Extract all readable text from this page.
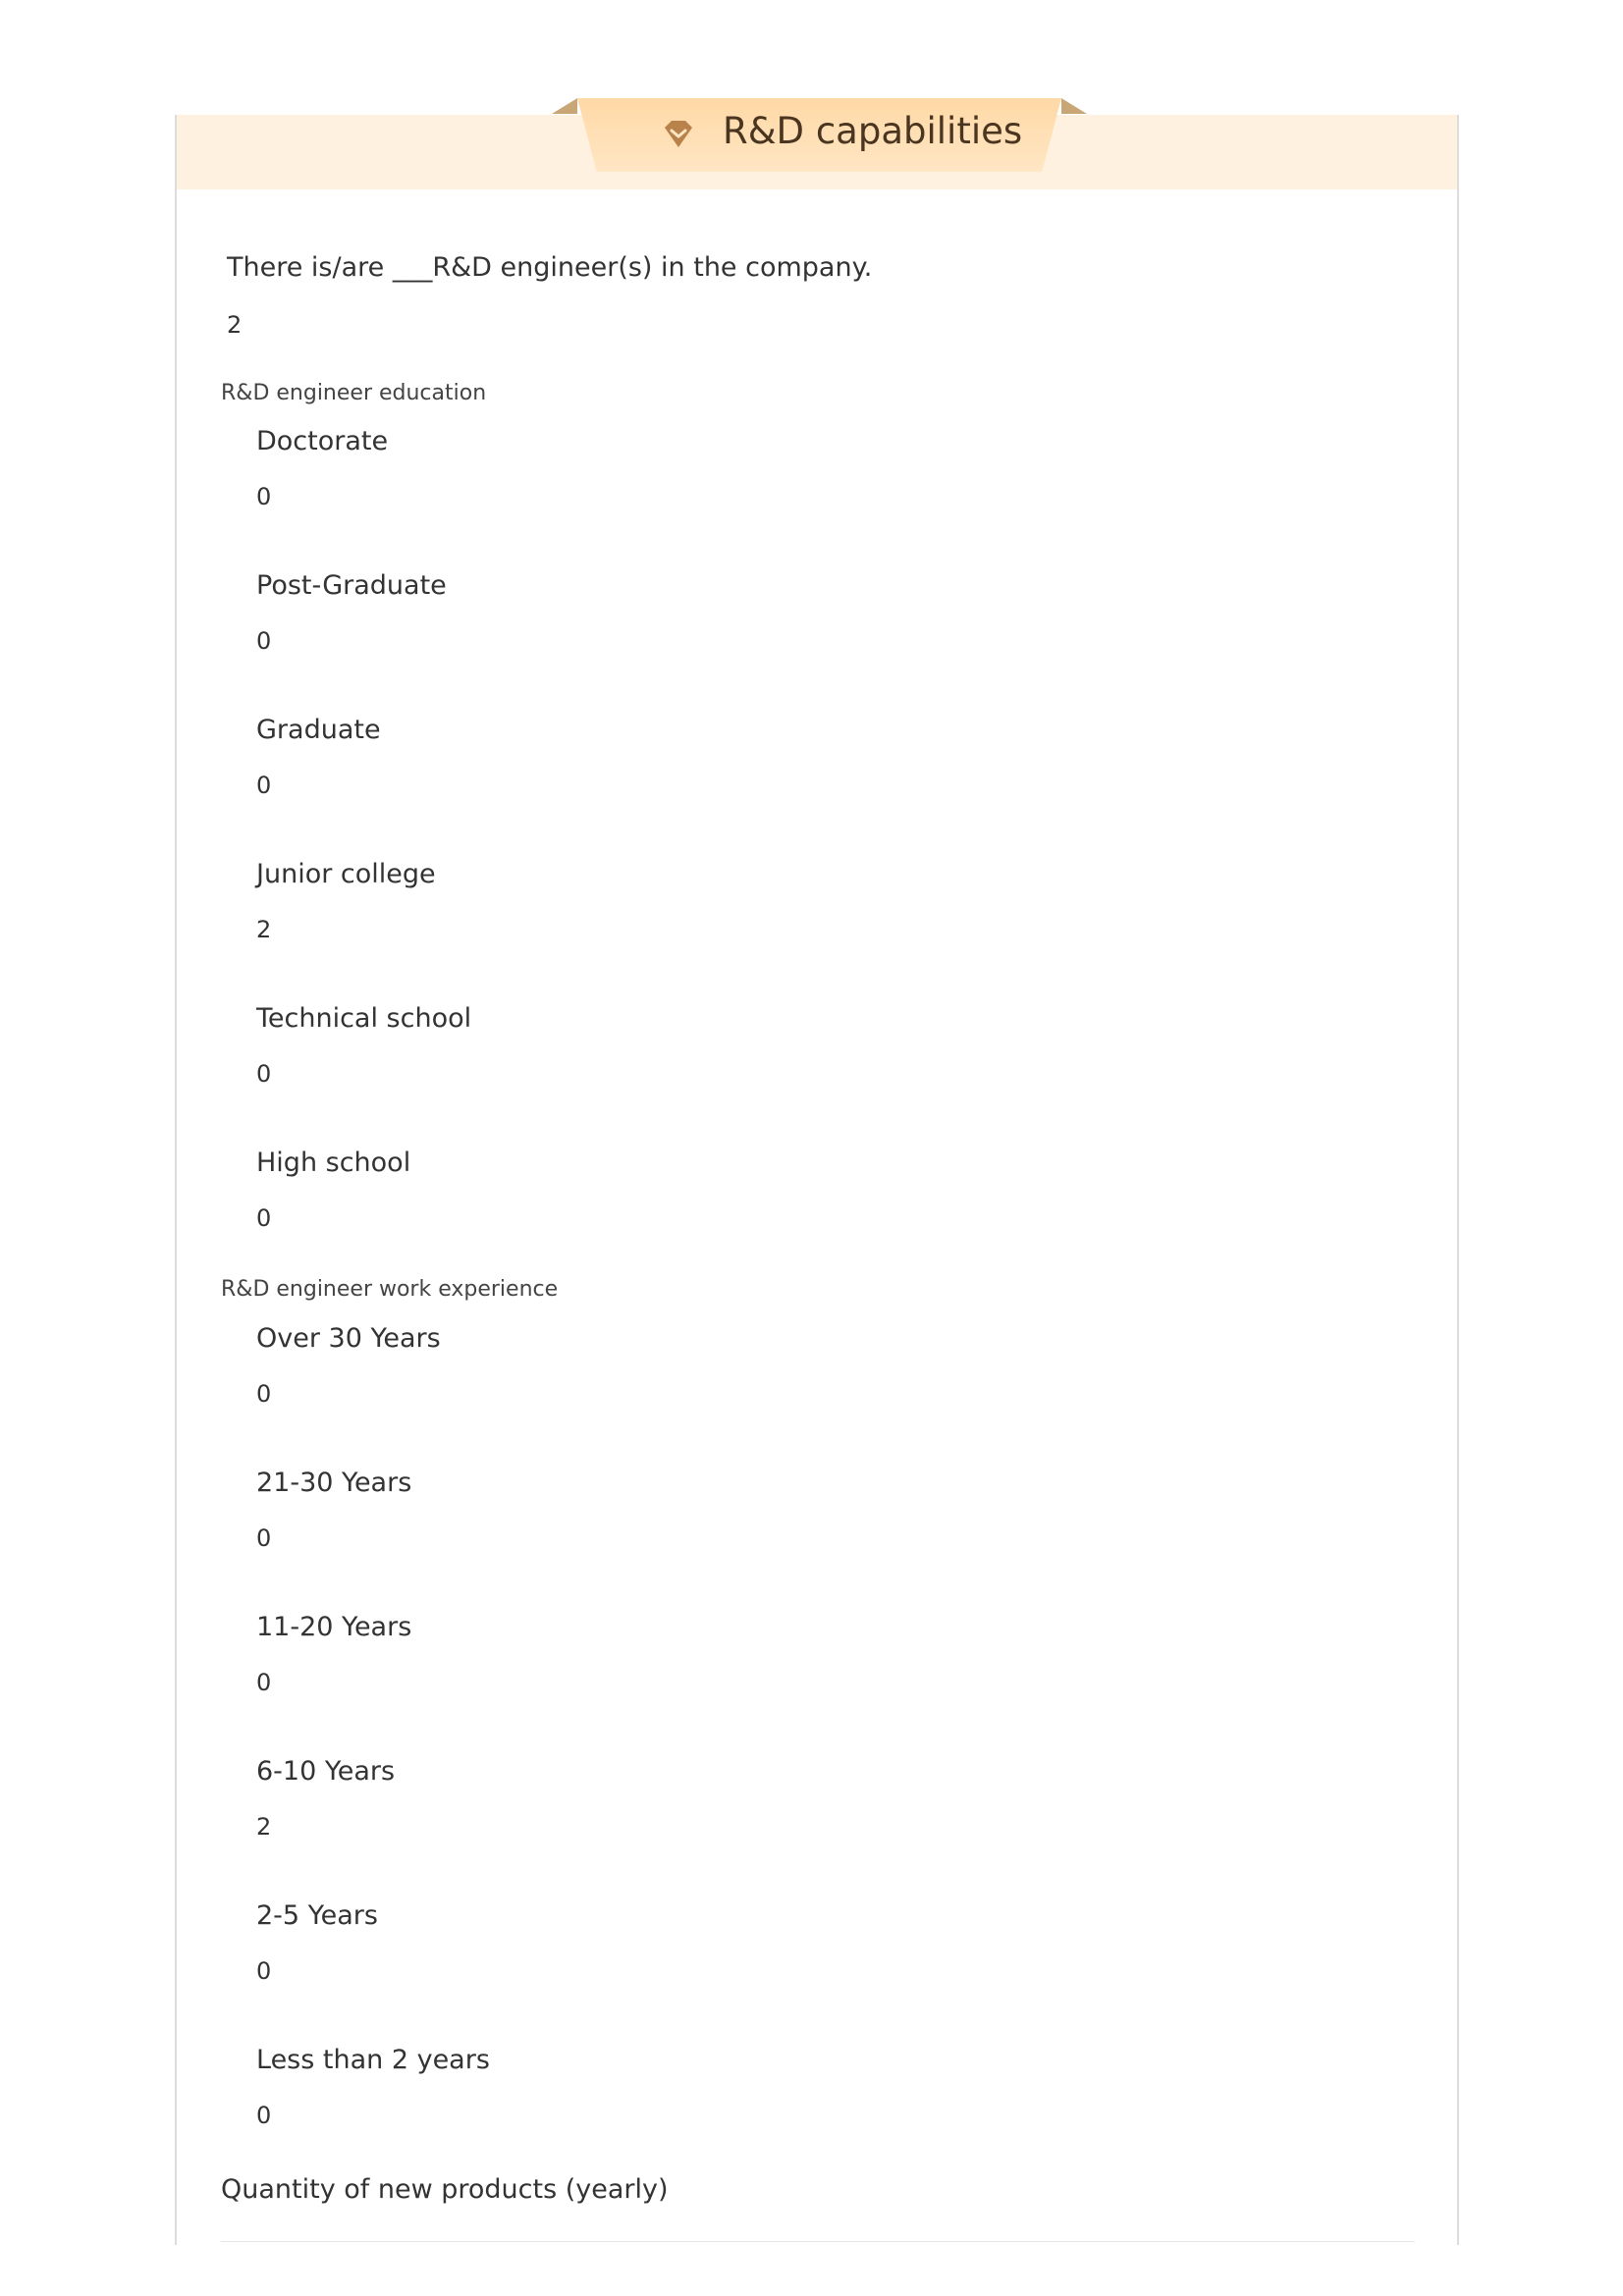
R&D capabilities
There is/are ___R&D engineer(s) in the company.
2
R&D engineer education
Doctorate
0
Post-Graduate
0
Graduate
0
Junior college
2
Technical school
0
High school
0
R&D engineer work experience
Over 30 Years
0
21-30 Years
0
11-20 Years
0
6-10 Years
2
2-5 Years
0
Less than 2 years
0
Quantity of new products (yearly)
